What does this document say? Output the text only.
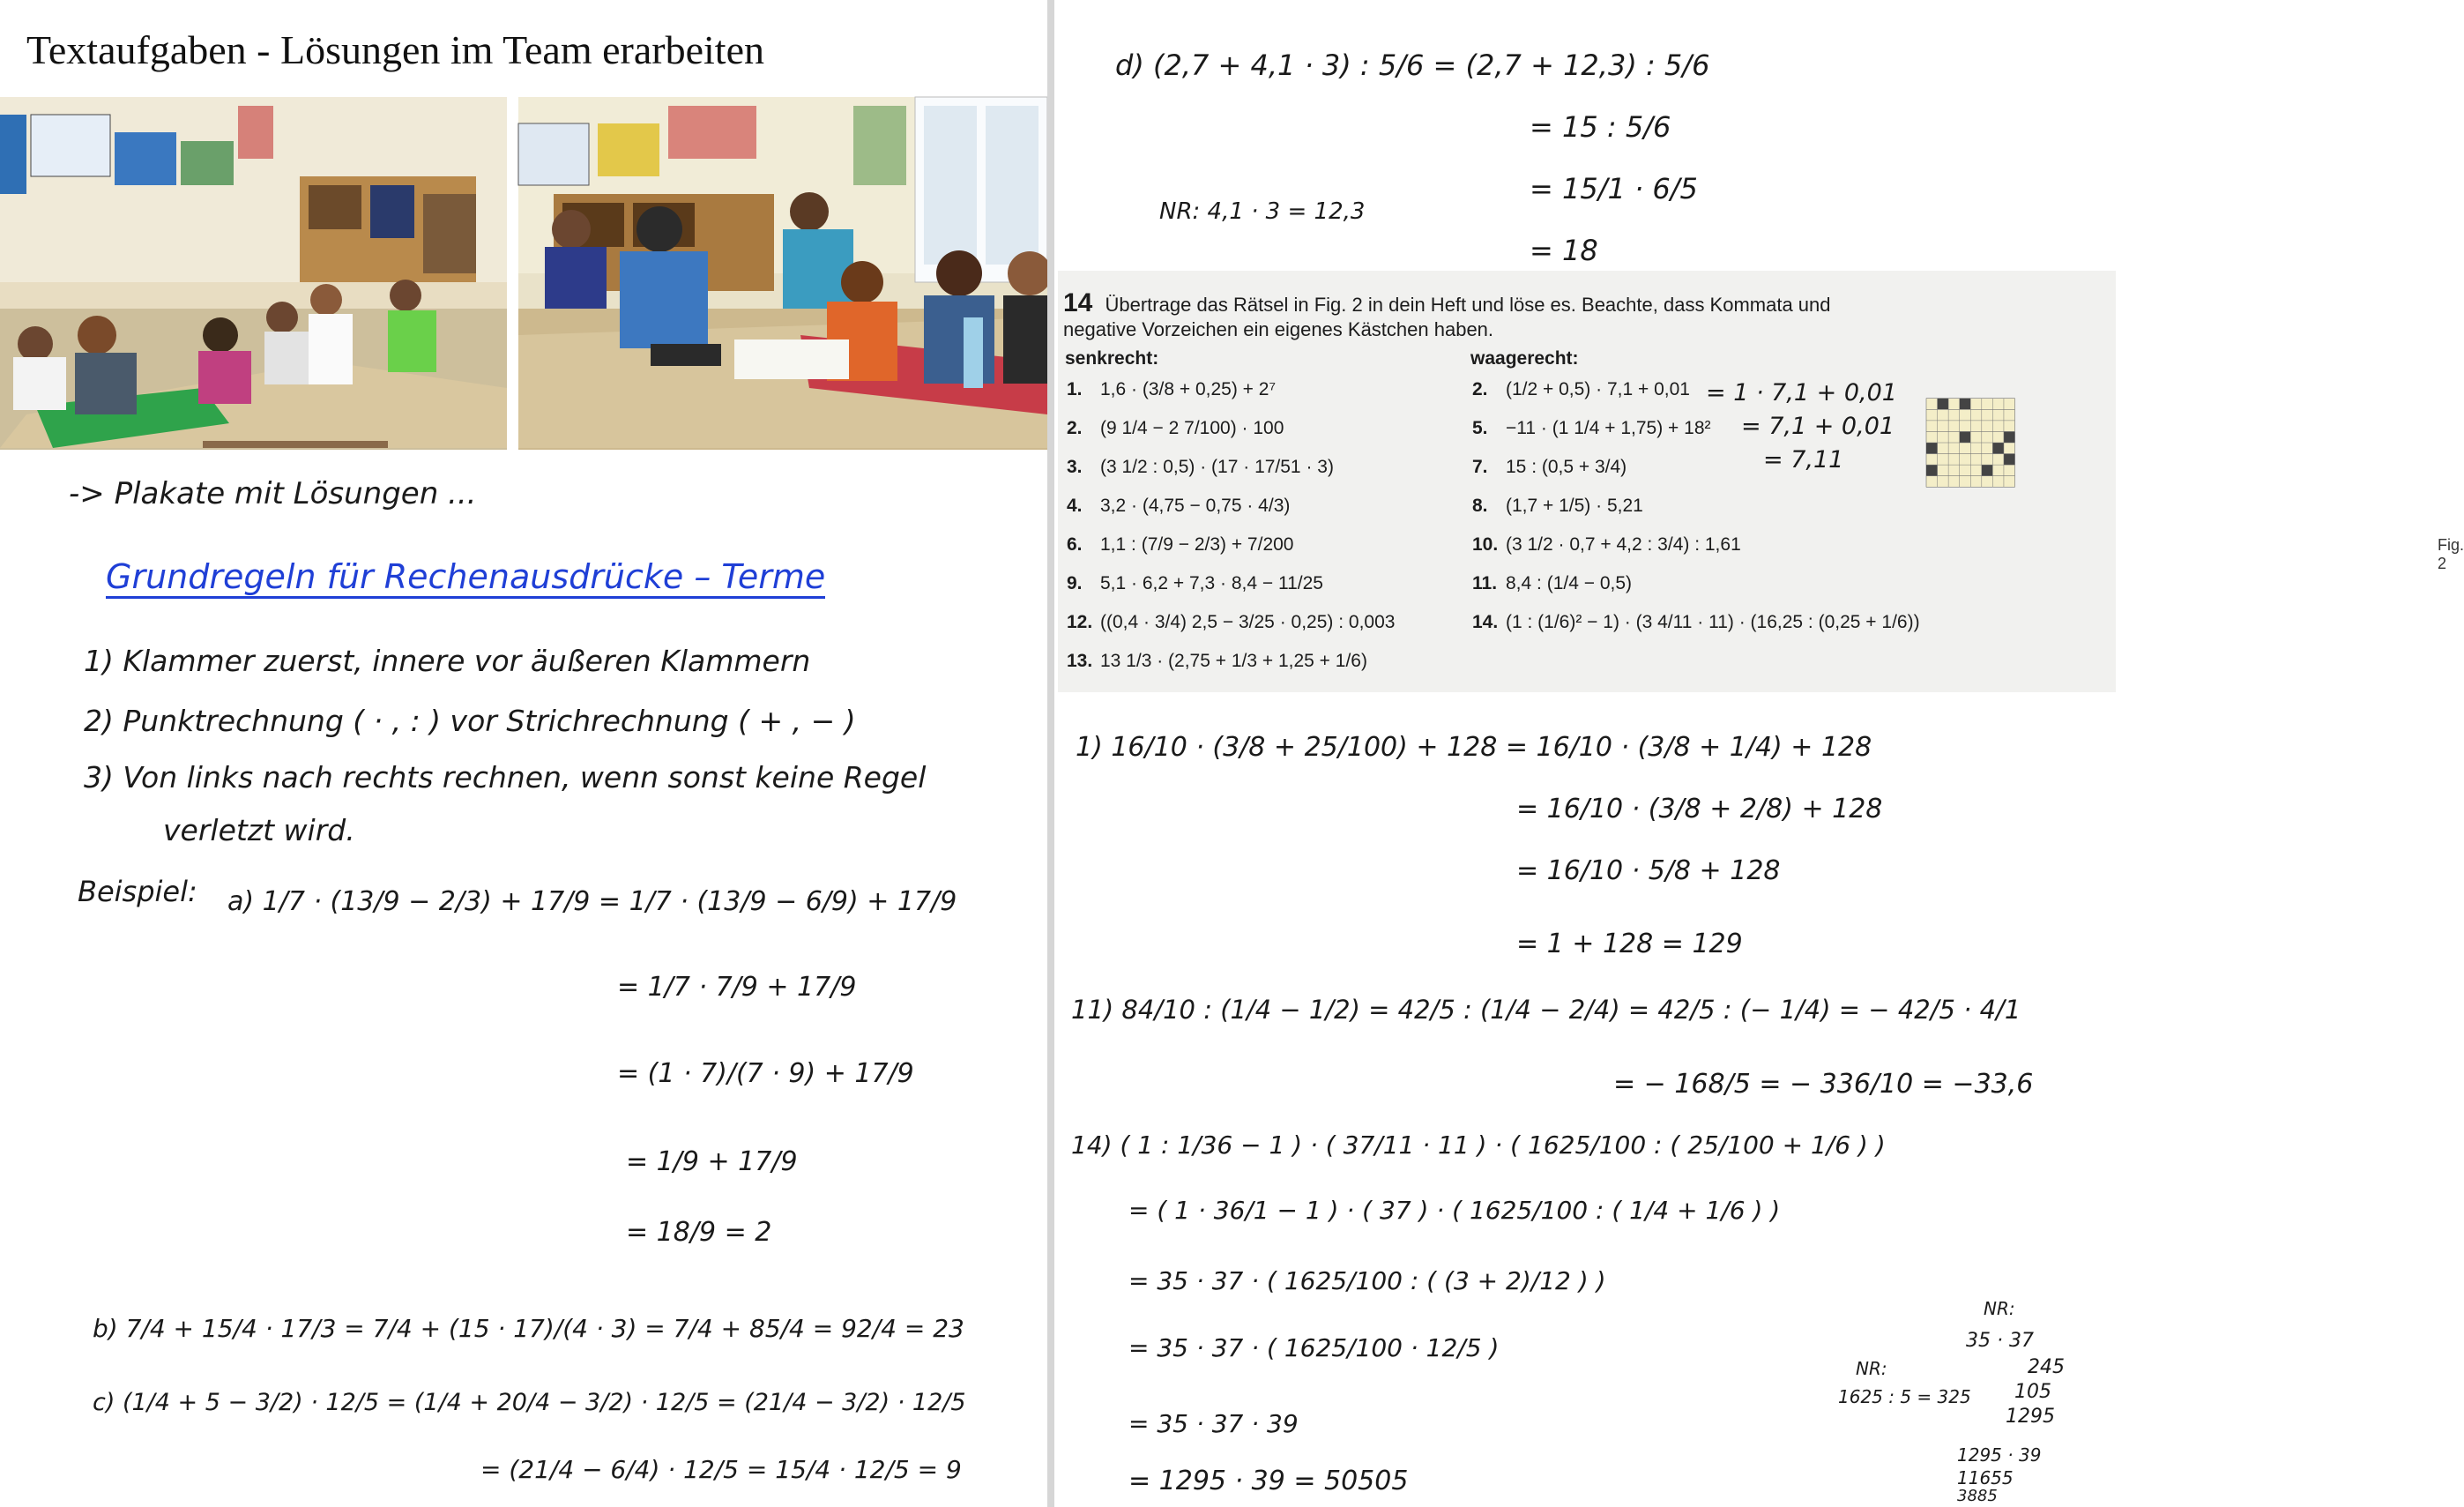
Textaufgaben - Lösungen im Team erarbeiten
-> Plakate mit Lösungen ...
Grundregeln für Rechenausdrücke – Terme
1) Klammer zuerst, innere vor äußeren Klammern
2) Punktrechnung ( · , : ) vor Strichrechnung ( + , − )
3) Von links nach rechts rechnen, wenn sonst keine Regel
verletzt wird.
Beispiel: a) 1/7 · (13/9 − 2/3) + 17/9 = 1/7 · (13/9 − 6/9) + 17/9
= 1/7 · 7/9 + 17/9
= (1 · 7)/(7 · 9) + 17/9
= 1/9 + 17/9
= 18/9 = 2
b) 7/4 + 15/4 · 17/3 = 7/4 + (15 · 17)/(4 · 3) = 7/4 + 85/4 = 92/4 = 23
c) (1/4 + 5 − 3/2) · 12/5 = (1/4 + 20/4 − 3/2) · 12/5 = (21/4 − 3/2) · 12/5
= (21/4 − 6/4) · 12/5 = 15/4 · 12/5 = 9
d) (2,7 + 4,1 · 3) : 5/6 = (2,7 + 12,3) : 5/6
= 15 : 5/6
= 15/1 · 6/5
= 18
NR: 4,1 · 3 = 12,3
14 Übertrage das Rätsel in Fig. 2 in dein Heft und löse es. Beachte, dass Kommata und negative Vorzeichen ein eigenes Kästchen haben.
senkrecht:	waagerecht:
1. 1,6 · (3/8 + 0,25) + 2⁷
2. (9 1/4 − 2 7/100) · 100
3. (3 1/2 : 0,5) · (17 · 17/51 · 3)
4. 3,2 · (4,75 − 0,75 · 4/3)
6. 1,1 : (7/9 − 2/3) + 7/200
9. 5,1 · 6,2 + 7,3 · 8,4 − 11/25
12. ((0,4 · 3/4) 2,5 − 3/25 · 0,25) : 0,003
13. 13 1/3 · (2,75 + 1/3 + 1,25 + 1/6)
2. (1/2 + 0,5) · 7,1 + 0,01
5. −11 · (1 1/4 + 1,75) + 18²
7. 15 : (0,5 + 3/4)
8. (1,7 + 1/5) · 5,21
10. (3 1/2 · 0,7 + 4,2 : 3/4) : 1,61
11. 8,4 : (1/4 − 0,5)
14. (1 : (1/6)² − 1) · (3 4/11 · 11) · (16,25 : (0,25 + 1/6))
= 1 · 7,1 + 0,01
= 7,1 + 0,01
= 7,11
Fig. 2
1) 16/10 · (3/8 + 25/100) + 128 = 16/10 · (3/8 + 1/4) + 128
= 16/10 · (3/8 + 2/8) + 128
= 16/10 · 5/8 + 128
= 1 + 128 = 129
11) 84/10 : (1/4 − 1/2) = 42/5 : (1/4 − 2/4) = 42/5 : (− 1/4) = − 42/5 · 4/1
= − 168/5 = − 336/10 = −33,6
14) ( 1 : 1/36 − 1 ) · ( 37/11 · 11 ) · ( 1625/100 : ( 25/100 + 1/6 ) )
= ( 1 · 36/1 − 1 ) · ( 37 ) · ( 1625/100 : ( 1/4 + 1/6 ) )
= 35 · 37 · ( 1625/100 : ( (3 + 2)/12 ) )
= 35 · 37 · ( 1625/100 · 12/5 )
= 35 · 37 · 39
= 1295 · 39 = 50505
NR:
35 · 37
245
105
1295
NR:
1625 : 5 = 325
1295 · 39
11655
3885
